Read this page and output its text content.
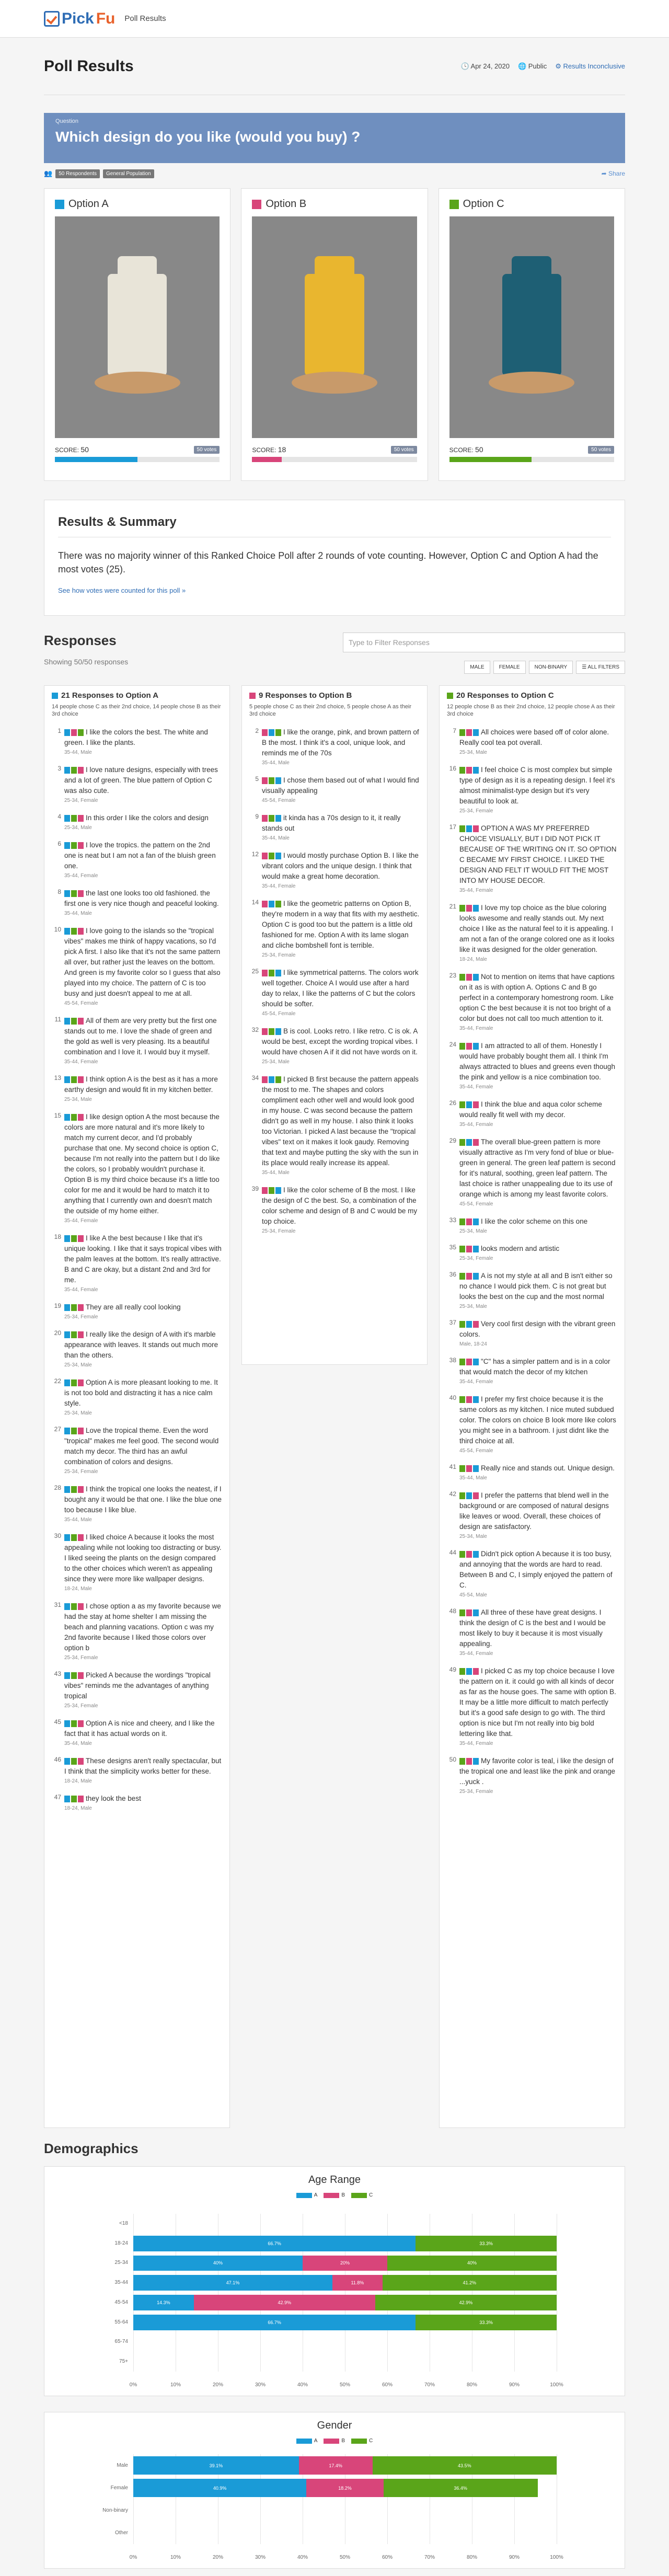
Pick Fu Poll Results
Poll Results	🕓 Apr 24, 2020 🌐 Public ⚙ Results Inconclusive
Question
Which design do you like (would you buy) ?
👥	50 Respondents	General Population	➦ Share
Option A
SCORE: 50	50 votes
Option B
SCORE: 18	50 votes
Option C
SCORE: 50	50 votes
Results & Summary
There was no majority winner of this Ranked Choice Poll after 2 rounds of vote counting. However, Option C and Option A had the most votes (25).
See how votes were counted for this poll »
Responses	Type to Filter Responses
Showing 50/50 responses
MALE	FEMALE	NON-BINARY	☰ ALL FILTERS
21 Responses to Option A
14 people chose C as their 2nd choice, 14 people chose B as their 3rd choice
1	I like the colors the best. The white and green. I like the plants.
35-44, Male
3	I love nature designs, especially with trees and a lot of green. The blue pattern of Option C was also cute.
25-34, Female
4	In this order I like the colors and design
25-34, Male
6	I love the tropics. the pattern on the 2nd one is neat but I am not a fan of the bluish green one.
35-44, Female
8	the last one looks too old fashioned. the first one is very nice though and peaceful looking.
35-44, Male
10	I love going to the islands so the "tropical vibes" makes me think of happy vacations, so I'd pick A first. I also like that it's not the same pattern all over, but rather just the leaves on the bottom. And green is my favorite color so I guess that also played into my choice. The pattern of C is too busy and just doesn't appeal to me at all.
45-54, Female
11	All of them are very pretty but the first one stands out to me. I love the shade of green and the gold as well is very pleasing. Its a beautiful combination and I love it. I would buy it myself.
35-44, Female
13	I think option A is the best as it has a more earthy design and would fit in my kitchen better.
25-34, Male
15	I like design option A the most because the colors are more natural and it's more likely to match my current decor, and I'd probably purchase that one. My second choice is option C, because I'm not really into the pattern but I do like the colors, so I probably wouldn't purchase it. Option B is my third choice because it's a little too color for me and it would be hard to match it to anything that I currently own and doesn't match the outside of my home either.
35-44, Female
18	I like A the best because I like that it's unique looking. I like that it says tropical vibes with the palm leaves at the bottom. It's really attractive. B and C are okay, but a distant 2nd and 3rd for me.
35-44, Female
19	They are all really cool looking
25-34, Female
20	I really like the design of A with it's marble appearance with leaves. It stands out much more than the others.
25-34, Male
22	Option A is more pleasant looking to me. It is not too bold and distracting it has a nice calm style.
25-34, Male
27	Love the tropical theme. Even the word "tropical" makes me feel good. The second would match my decor. The third has an awful combination of colors and designs.
25-34, Female
28	I think the tropical one looks the neatest, if I bought any it would be that one. I like the blue one too because I like blue.
35-44, Male
30	I liked choice A because it looks the most appealing while not looking too distracting or busy. I liked seeing the plants on the design compared to the other choices which weren't as appealing since they were more like wallpaper designs.
18-24, Male
31	I chose option a as my favorite because we had the stay at home shelter I am missing the beach and planning vacations. Option c was my 2nd favorite because I liked those colors over option b
25-34, Female
43	Picked A because the wordings "tropical vibes" reminds me the advantages of anything tropical
25-34, Female
45	Option A is nice and cheery, and I like the fact that it has actual words on it.
35-44, Male
46	These designs aren't really spectacular, but I think that the simplicity works better for these.
18-24, Male
47	they look the best
18-24, Male
9 Responses to Option B
5 people chose C as their 2nd choice, 5 people chose A as their 3rd choice
2	I like the orange, pink, and brown pattern of B the most. I think it's a cool, unique look, and reminds me of the 70s
35-44, Male
5	I chose them based out of what I would find visually appealing
45-54, Female
9	it kinda has a 70s design to it, it really stands out
35-44, Male
12	I would mostly purchase Option B. I like the vibrant colors and the unique design. I think that would make a great home decoration.
35-44, Female
14	I like the geometric patterns on Option B, they're modern in a way that fits with my aesthetic. Option C is good too but the pattern is a little old fashioned for me. Option A with its lame slogan and cliche bombshell font is terrible.
25-34, Female
25	I like symmetrical patterns. The colors work well together. Choice A I would use after a hard day to relax, I like the patterns of C but the colors should be softer.
45-54, Female
32	B is cool. Looks retro. I like retro. C is ok. A would be best, except the wording tropical vibes. I would have chosen A if it did not have words on it.
25-34, Male
34	I picked B first because the pattern appeals the most to me. The shapes and colors compliment each other well and would look good in my house. C was second because the pattern didn't go as well in my house. I also think it looks too Victorian. I picked A last because the "tropical vibes" text on it makes it look gaudy. Removing that text and maybe putting the sky with the sun in its place would really increase its appeal.
35-44, Male
39	I like the color scheme of B the most. I like the design of C the best. So, a combination of the color scheme and design of B and C would be my top choice.
25-34, Female
20 Responses to Option C
12 people chose B as their 2nd choice, 12 people chose A as their 3rd choice
7	All choices were based off of color alone. Really cool tea pot overall.
25-34, Male
16	I feel choice C is most complex but simple type of design as it is a repeating design. I feel it's almost minimalist-type design but it's very beautiful to look at.
25-34, Female
17	OPTION A WAS MY PREFERRED CHOICE VISUALLY, BUT I DID NOT PICK IT BECAUSE OF THE WRITING ON IT. SO OPTION C BECAME MY FIRST CHOICE. I LIKED THE DESIGN AND FELT IT WOULD FIT THE MOST INTO MY HOUSE DECOR.
35-44, Female
21	I love my top choice as the blue coloring looks awesome and really stands out. My next choice I like as the natural feel to it is appealing. I am not a fan of the orange colored one as it looks like it was designed for the older generation.
18-24, Male
23	Not to mention on items that have captions on it as is with option A. Options C and B go perfect in a contemporary homestrong room. Like option C the best because it is not too bright of a color but does not call too much attention to it.
35-44, Female
24	I am attracted to all of them. Honestly I would have probably bought them all. I think I'm always attracted to blues and greens even though the pink and yellow is a nice combination too.
35-44, Female
26	I think the blue and aqua color scheme would really fit well with my decor.
35-44, Female
29	The overall blue-green pattern is more visually attractive as I'm very fond of blue or blue-green in general. The green leaf pattern is second for it's natural, soothing, green leaf pattern. The last choice is rather unappealing due to its use of orange which is among my least favorite colors.
45-54, Female
33	I like the color scheme on this one
25-34, Male
35	looks modern and artistic
25-34, Female
36	A is not my style at all and B isn't either so no chance I would pick them. C is not great but looks the best on the cup and the most normal
25-34, Male
37	Very cool first design with the vibrant green colors.
Male, 18-24
38	"C" has a simpler pattern and is in a color that would match the decor of my kitchen
35-44, Female
40	I prefer my first choice because it is the same colors as my kitchen. I nice muted subdued color. The colors on choice B look more like colors you might see in a bathroom. I just didnt like the third choice at all.
45-54, Female
41	Really nice and stands out. Unique design.
35-44, Male
42	I prefer the patterns that blend well in the background or are composed of natural designs like leaves or wood. Overall, these choices of design are satisfactory.
25-34, Male
44	Didn't pick option A because it is too busy, and annoying that the words are hard to read. Between B and C, I simply enjoyed the pattern of C.
45-54, Male
48	All three of these have great designs. I think the design of C is the best and I would be most likely to buy it because it is most visually appealing.
35-44, Female
49	I picked C as my top choice because I love the pattern on it. it could go with all kinds of decor as far as the house goes. The same with option B. It may be a little more difficult to match perfectly but it's a good safe design to go with. The third option is nice but I'm not really into big bold lettering like that.
35-44, Female
50	My favorite color is teal, i like the design of the tropical one and least like the pink and orange ...yuck .
25-34, Female
Demographics
Age Range
A	B	C
<18
18-24	66.7%	33.3%
25-34	40%	20%	40%
35-44	47.1%	11.8%	41.2%
45-54	14.3%	42.9%	42.9%
55-64	66.7%	33.3%
65-74
75+
0%	10%	20%	30%	40%	50%	60%	70%	80%	90%	100%
Gender
A	B	C
Male	39.1%	17.4%	43.5%
Female	40.9%	18.2%	36.4%
Non-binary
Other
0%	10%	20%	30%	40%	50%	60%	70%	80%	90%	100%
